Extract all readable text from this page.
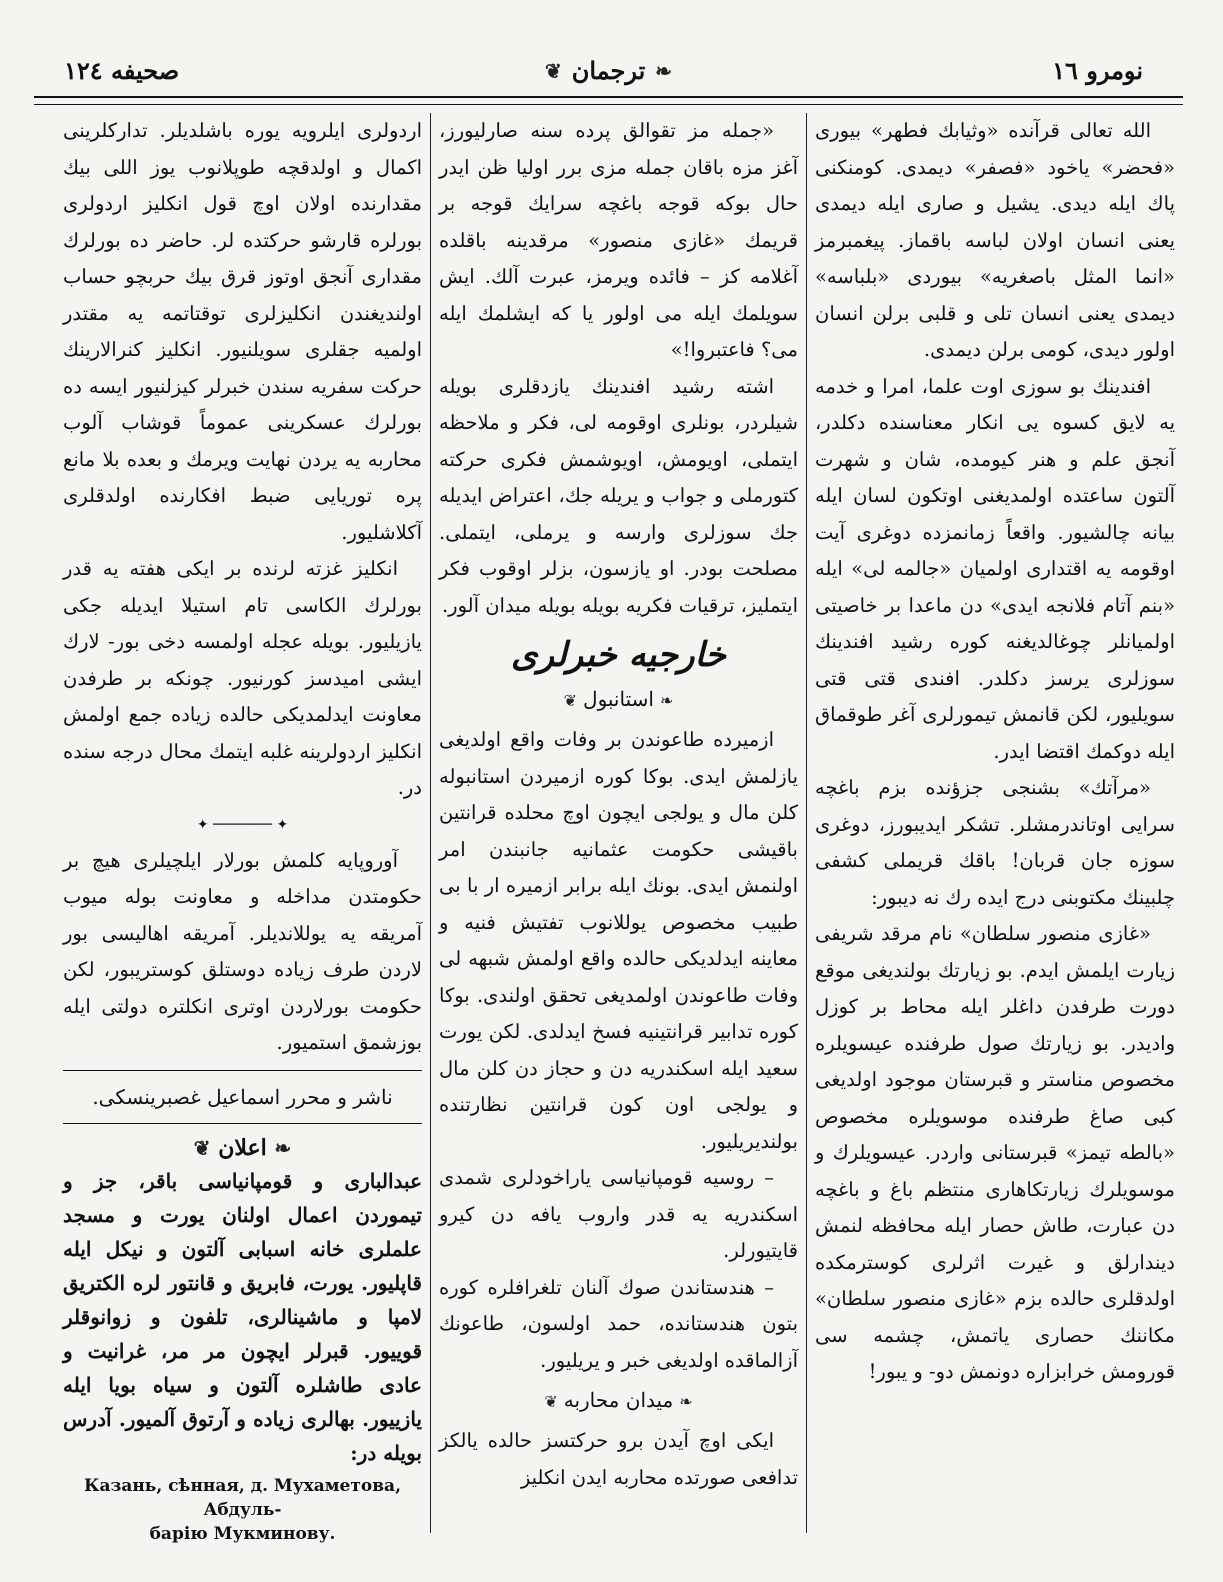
صحیفه ۱۲٤	❦ ترجمان ❧	نومرو ۱٦

الله تعالی قرآنده «وثیابك فطهر» بیوری «فحضر» یاخود «فصفر» دیمدی. کومنکنی پاك ایله دیدی. یشیل و صاری ایله دیمدی یعنی انسان اولان لباسه باقماز. پیغمبرمز «انما المثل باصغریه» بیوردی «بلباسه» دیمدی یعنی انسان تلی و قلبی برلن انسان اولور دیدی، کومی برلن دیمدی.

افندینك بو سوزی اوت علما، امرا و خدمه یه لایق کسوه یی انکار معناسنده دکلدر، آنجق علم و هنر کیومده، شان و شهرت آلتون ساعتده اولمدیغنی اوتکون لسان ایله بیانه چالشیور. واقعاً زمانمزده دوغری آیت اوقومه یه اقتداری اولمیان «جالمه لی» ایله «بنم آتام فلانجه ایدی» دن ماعدا بر خاصیتی اولمیانلر چوغالدیغنه کوره رشید افندینك سوزلری یرسز دکلدر. افندی قتی قتی سویلیور، لکن قانمش تیمورلری آغر طوقماق ایله دوکمك اقتضا ایدر.

«مرآتك» بشنجی جزؤنده بزم باغچه سرایی اوتاندرمشلر. تشکر ایدیبورز، دوغری سوزه جان قربان! باقك قریملی کشفی چلبینك مکتوبنی درج ایده رك نه دیبور:

«غازی منصور سلطان» نام مرقد شریفی زیارت ایلمش ایدم. بو زیارتك بولندیغی موقع دورت طرفدن داغلر ایله محاط بر کوزل وادیدر. بو زیارتك صول طرفنده عیسویلره مخصوص مناستر و قبرستان موجود اولدیغی کبی صاغ طرفنده موسویلره مخصوص «بالطه تیمز» قبرستانی واردر. عیسویلرك و موسویلرك زیارتکاهاری منتظم باغ و باغچه دن عبارت، طاش حصار ایله محافظه لنمش دیندارلق و غیرت اثرلری کوسترمکده اولدقلری حالده بزم «غازی منصور سلطان» مکاننك حصاری یاتمش، چشمه سی قورومش خرابزاره دونمش دو- و یبور!

«جمله مز تقوالق پرده سنه صارلیورز، آغز مزه باقان جمله مزی برر اولیا ظن ایدر حال بوکه قوجه باغچه سرایك قوجه بر قریمك «غازی منصور» مرقدینه باقلده آغلامه کز – فائده ویرمز، عبرت آلك. ایش سویلمك ایله می اولور یا که ایشلمك ایله می؟ فاعتبروا!»

اشته رشید افندینك یازدقلری بویله شیلردر، بونلری اوقومه لی، فکر و ملاحظه ایتملی، اویومش، اویوشمش فکری حرکته کتورملی و جواب و یریله جك، اعتراض ایدیله جك سوزلری وارسه و یرملی، ایتملی. مصلحت بودر. او یازسون، بزلر اوقوب فکر ایتملیز، ترقیات فکریه بویله بویله میدان آلور.

خارجیه خبرلری
❧استانبول❦

ازمیرده طاعوندن بر وفات واقع اولدیغی یازلمش ایدی. بوکا کوره ازمیردن استانبوله کلن مال و یولجی ایچون اوچ محلده قرانتین باقیشی حکومت عثمانیه جانبندن امر اولنمش ایدی. بونك ایله برابر ازمیره ار با بی طبیب مخصوص یوللانوب تفتیش فنیه و معاینه ایدلدیکی حالده واقع اولمش شبهه لی وفات طاعوندن اولمدیغی تحقق اولندی. بوکا کوره تدابیر قرانتینیه فسخ ایدلدی. لکن یورت سعید ایله اسکندریه دن و حجاز دن کلن مال و یولجی اون کون قرانتین نظارتنده بولندیریلیور.

– روسیه قومپانیاسی یاراخودلری شمدی اسکندریه یه قدر واروب یافه دن کیرو قایتیورلر.

– هندستاندن صوك آلنان تلغرافلره کوره بتون هندستانده، حمد اولسون، طاعونك آزالماقده اولدیغی خبر و یریلیور.

❧میدان محاربه❦

ایکی اوچ آیدن برو حرکتسز حالده یالکز تدافعی صورتده محاربه ایدن انکلیز

اردولری ایلرویه یوره باشلدیلر. تدارکلرینی اکمال و اولدقچه طوپلانوب یوز اللی بیك مقدارنده اولان اوچ قول انکلیز اردولری بورلره قارشو حرکتده لر. حاضر ده بورلرك مقداری آنجق اوتوز قرق بیك حربچو حساب اولندیغندن انکلیزلری توقتاتمه یه مقتدر اولمیه جقلری سویلنیور. انکلیز کنرالارینك حرکت سفریه سندن خبرلر کیزلنیور ایسه ده بورلرك عسکرینی عموماً قوشاب آلوب محاربه یه یردن نهایت ویرمك و بعده بلا مانع پره توریایی ضبط افکارنده اولدقلری آکلاشلیور.

انکلیز غزته لرنده بر ایکی هفته یه قدر بورلرك الکاسی تام استیلا ایدیله جکی یازیلیور. بویله عجله اولمسه دخی بور- لارك ایشی امیدسز کورنیور. چونکه بر طرفدن معاونت ایدلمدیکی حالده زیاده جمع اولمش انکلیز اردولرینه غلبه ایتمك محال درجه سنده در.

✦ ─────── ✦

آوروپایه کلمش بورلار ایلچیلری هیچ بر حکومتدن مداخله و معاونت بوله میوب آمریقه یه یوللاندیلر. آمریقه اهالیسی بور لاردن طرف زیاده دوستلق کوستریبور، لکن حکومت بورلاردن اوتری انکلتره دولتی ایله بوزشمق استمیور.

ناشر و محرر اسماعیل غصبرینسکی.
❧ اعلان ❦

عبدالباری و قومپانیاسی باقر، جز و تیموردن اعمال اولنان یورت و مسجد علملری خانه اسبابی آلتون و نیکل ایله قاپلیور. یورت، فابریق و قانتور لره الکتریق لامپا و ماشینالری، تلفون و زوانوقلر قوییور. قبرلر ایچون مر مر، غرانیت و عادی طاشلره آلتون و سیاه بویا ایله یازییور. بهالری زیاده و آرتوق آلمیور. آدرس بویله در:

Казань, сѣнная, д. Мухаметова, Абдуль-
барію Мукминову.
